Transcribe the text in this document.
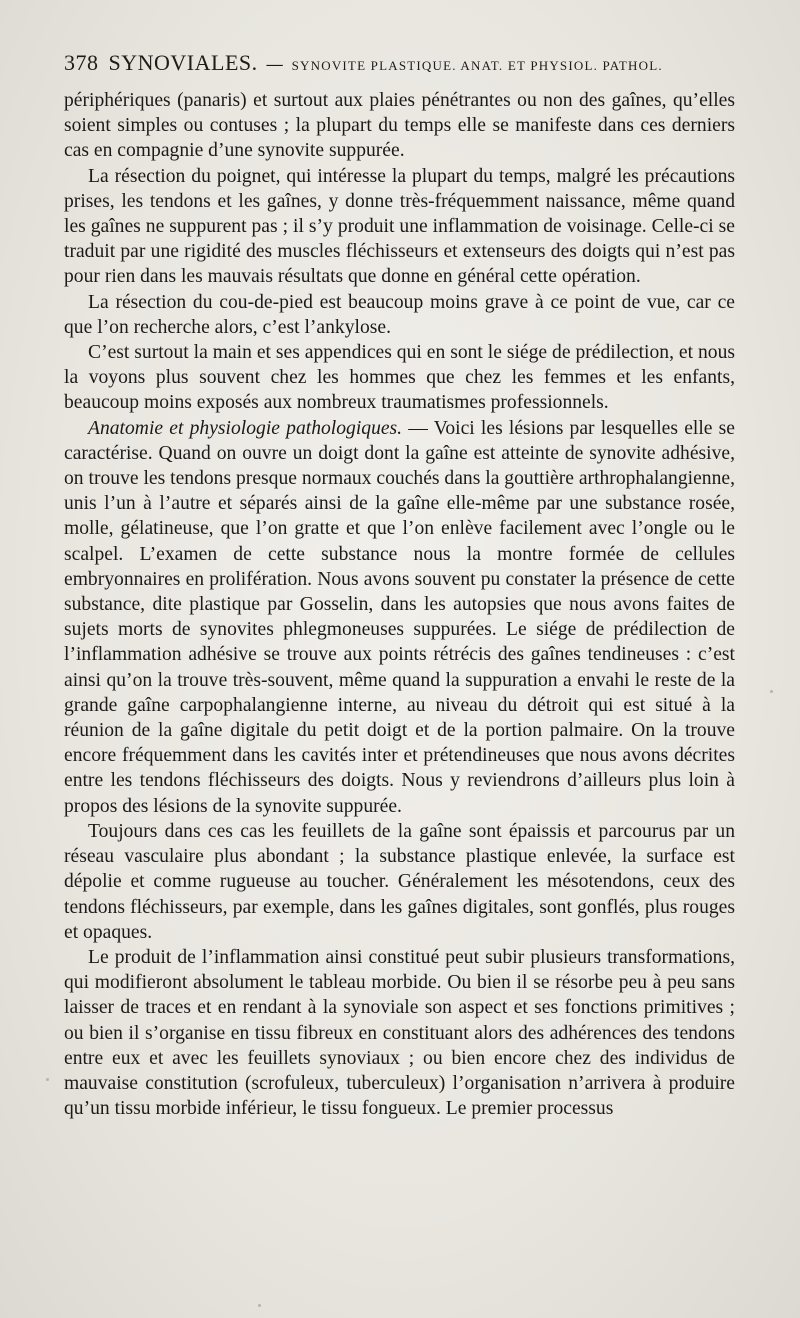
378 SYNOVIALES. — SYNOVITE PLASTIQUE. ANAT. ET PHYSIOL. PATHOL.

périphériques (panaris) et surtout aux plaies pénétrantes ou non des gaînes, qu’elles soient simples ou contuses ; la plupart du temps elle se manifeste dans ces derniers cas en compagnie d’une synovite suppurée.

La résection du poignet, qui intéresse la plupart du temps, malgré les précautions prises, les tendons et les gaînes, y donne très-fréquemment naissance, même quand les gaînes ne suppurent pas ; il s’y produit une inflammation de voisinage. Celle-ci se traduit par une rigidité des muscles fléchisseurs et extenseurs des doigts qui n’est pas pour rien dans les mauvais résultats que donne en général cette opération.

La résection du cou-de-pied est beaucoup moins grave à ce point de vue, car ce que l’on recherche alors, c’est l’ankylose.

C’est surtout la main et ses appendices qui en sont le siége de prédilection, et nous la voyons plus souvent chez les hommes que chez les femmes et les enfants, beaucoup moins exposés aux nombreux traumatismes professionnels.

Anatomie et physiologie pathologiques. — Voici les lésions par lesquelles elle se caractérise. Quand on ouvre un doigt dont la gaîne est atteinte de synovite adhésive, on trouve les tendons presque normaux couchés dans la gouttière arthrophalangienne, unis l’un à l’autre et séparés ainsi de la gaîne elle-même par une substance rosée, molle, gélatineuse, que l’on gratte et que l’on enlève facilement avec l’ongle ou le scalpel. L’examen de cette substance nous la montre formée de cellules embryonnaires en prolifération. Nous avons souvent pu constater la présence de cette substance, dite plastique par Gosselin, dans les autopsies que nous avons faites de sujets morts de synovites phlegmoneuses suppurées. Le siége de prédilection de l’inflammation adhésive se trouve aux points rétrécis des gaînes tendineuses : c’est ainsi qu’on la trouve très-souvent, même quand la suppuration a envahi le reste de la grande gaîne carpophalangienne interne, au niveau du détroit qui est situé à la réunion de la gaîne digitale du petit doigt et de la portion palmaire. On la trouve encore fréquemment dans les cavités inter et prétendineuses que nous avons décrites entre les tendons fléchisseurs des doigts. Nous y reviendrons d’ailleurs plus loin à propos des lésions de la synovite suppurée.

Toujours dans ces cas les feuillets de la gaîne sont épaissis et parcourus par un réseau vasculaire plus abondant ; la substance plastique enlevée, la surface est dépolie et comme rugueuse au toucher. Généralement les mésotendons, ceux des tendons fléchisseurs, par exemple, dans les gaînes digitales, sont gonflés, plus rouges et opaques.

Le produit de l’inflammation ainsi constitué peut subir plusieurs transformations, qui modifieront absolument le tableau morbide. Ou bien il se résorbe peu à peu sans laisser de traces et en rendant à la synoviale son aspect et ses fonctions primitives ; ou bien il s’organise en tissu fibreux en constituant alors des adhérences des tendons entre eux et avec les feuillets synoviaux ; ou bien encore chez des individus de mauvaise constitution (scrofuleux, tuberculeux) l’organisation n’arrivera à produire qu’un tissu morbide inférieur, le tissu fongueux. Le premier processus
